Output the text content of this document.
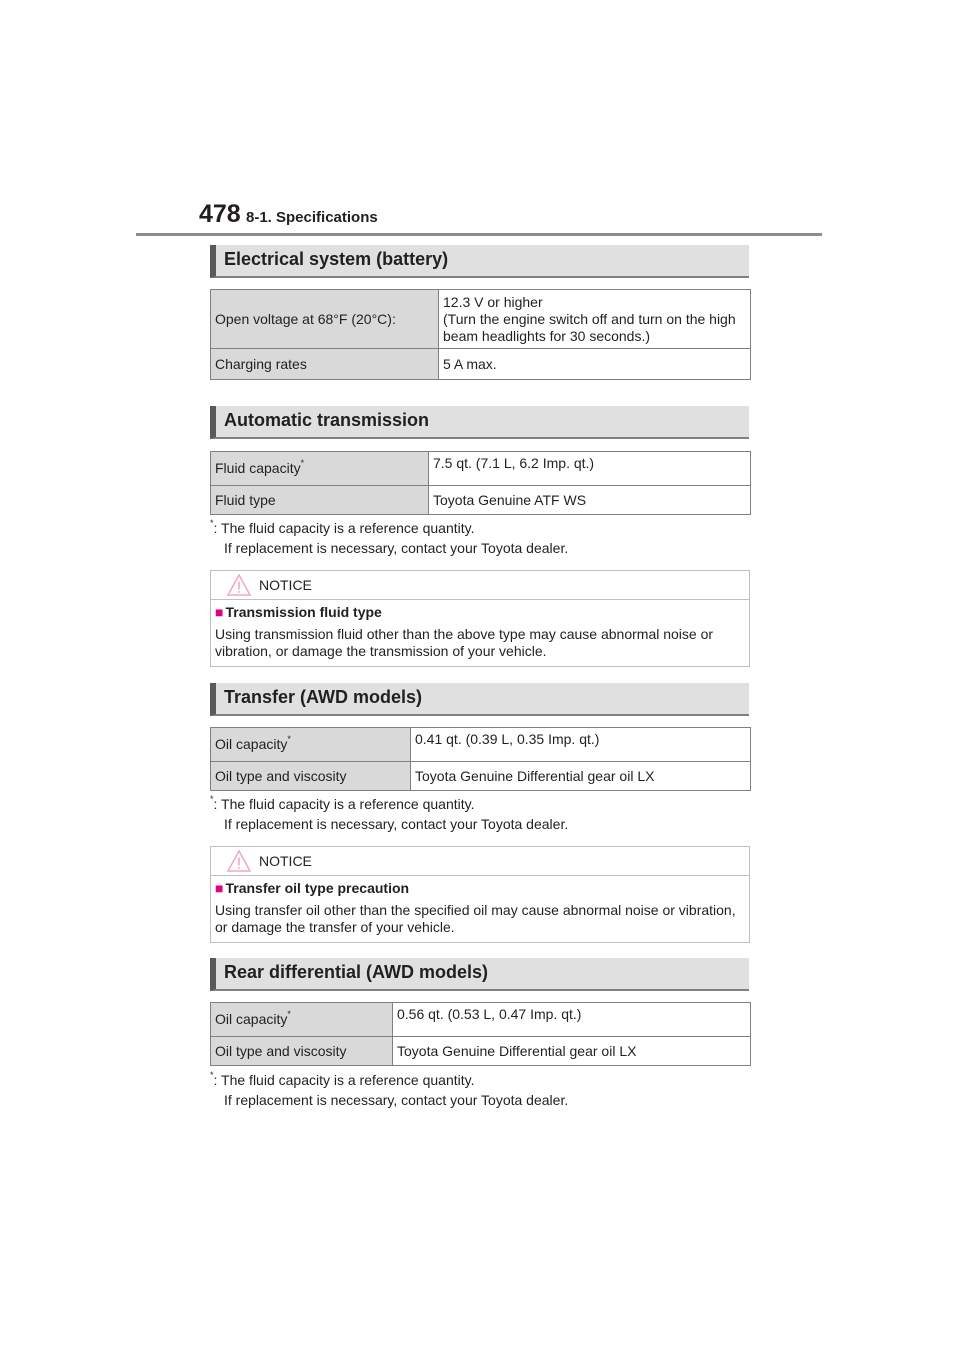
478 8-1. Specifications
Electrical system (battery)
Open voltage at 68°F (20°C):	12.3 V or higher
(Turn the engine switch off and turn on the high beam headlights for 30 seconds.)
Charging rates	5 A max.
Automatic transmission
Fluid capacity*	7.5 qt. (7.1 L, 6.2 Imp. qt.)
Fluid type	Toyota Genuine ATF WS
*: The fluid capacity is a reference quantity.
If replacement is necessary, contact your Toyota dealer.
NOTICE
■ Transmission fluid type
Using transmission fluid other than the above type may cause abnormal noise or vibration, or damage the transmission of your vehicle.
Transfer (AWD models)
Oil capacity*	0.41 qt. (0.39 L, 0.35 Imp. qt.)
Oil type and viscosity	Toyota Genuine Differential gear oil LX
*: The fluid capacity is a reference quantity.
If replacement is necessary, contact your Toyota dealer.
NOTICE
■ Transfer oil type precaution
Using transfer oil other than the specified oil may cause abnormal noise or vibration, or damage the transfer of your vehicle.
Rear differential (AWD models)
Oil capacity*	0.56 qt. (0.53 L, 0.47 Imp. qt.)
Oil type and viscosity	Toyota Genuine Differential gear oil LX
*: The fluid capacity is a reference quantity.
If replacement is necessary, contact your Toyota dealer.
